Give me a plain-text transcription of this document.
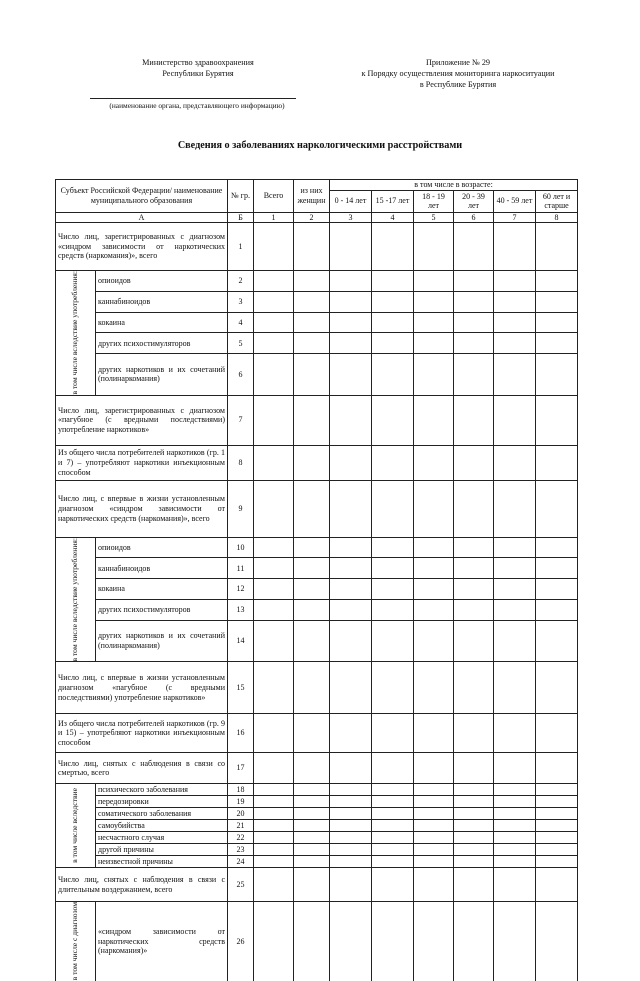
Министерство здравоохранения
Республики Бурятия
Приложение № 29
к Порядку осуществления мониторинга наркоситуации
в Республике Бурятия
(наименование органа, представляющего информацию)
Сведения о заболеваниях наркологическими расстройствами
Субъект Российской Федерации/ наименование муниципального образования		№ гр.	Всего	из них женщин	в том числе в возрасте:					
					0 - 14 лет	15 -17 лет	18 - 19 лет	20 - 39 лет	40 - 59 лет	60 лет и старше
А		Б	1	2	3	4	5	6	7	8
Число лиц, зарегистрированных с диагнозом «синдром зависимости от наркотических средств (наркомания)», всего		1								

в том числе вследствие употребления:	опиоидов	2								
	каннабиноидов	3								
	кокаина	4								
	других психостимуляторов	5								
	других наркотиков и их сочетаний (полинаркомания)	6								
Число лиц, зарегистрированных с диагнозом «пагубное (с вредными последствиями) употребление наркотиков»		7								
Из общего числа потребителей наркотиков (гр. 1 и 7) – употребляют наркотики инъекционным способом		8								
Число лиц, с впервые в жизни установленным диагнозом «синдром зависимости от наркотических средств (наркомания)», всего		9								

в том числе вследствие употребления:	опиоидов	10								
	каннабиноидов	11								
	кокаина	12								
	других психостимуляторов	13								
	других наркотиков и их сочетаний (полинаркомания)	14								
Число лиц, с впервые в жизни установленным диагнозом «пагубное (с вредными последствиями) употребление наркотиков»		15								
Из общего числа потребителей наркотиков (гр. 9 и 15) – употребляют наркотики инъекционным способом		16								
Число лиц, снятых с наблюдения в связи со смертью, всего		17								

в том числе вследствие	психического заболевания	18								
	передозировки	19								
	соматического заболевания	20								
	самоубийства	21								
	несчастного случая	22								
	другой причины	23								
	неизвестной причины	24								
Число лиц, снятых с наблюдения в связи с длительным воздержанием, всего		25								

в том числе с диагнозом	«синдром зависимости от наркотических средств (наркомания)»	26								
